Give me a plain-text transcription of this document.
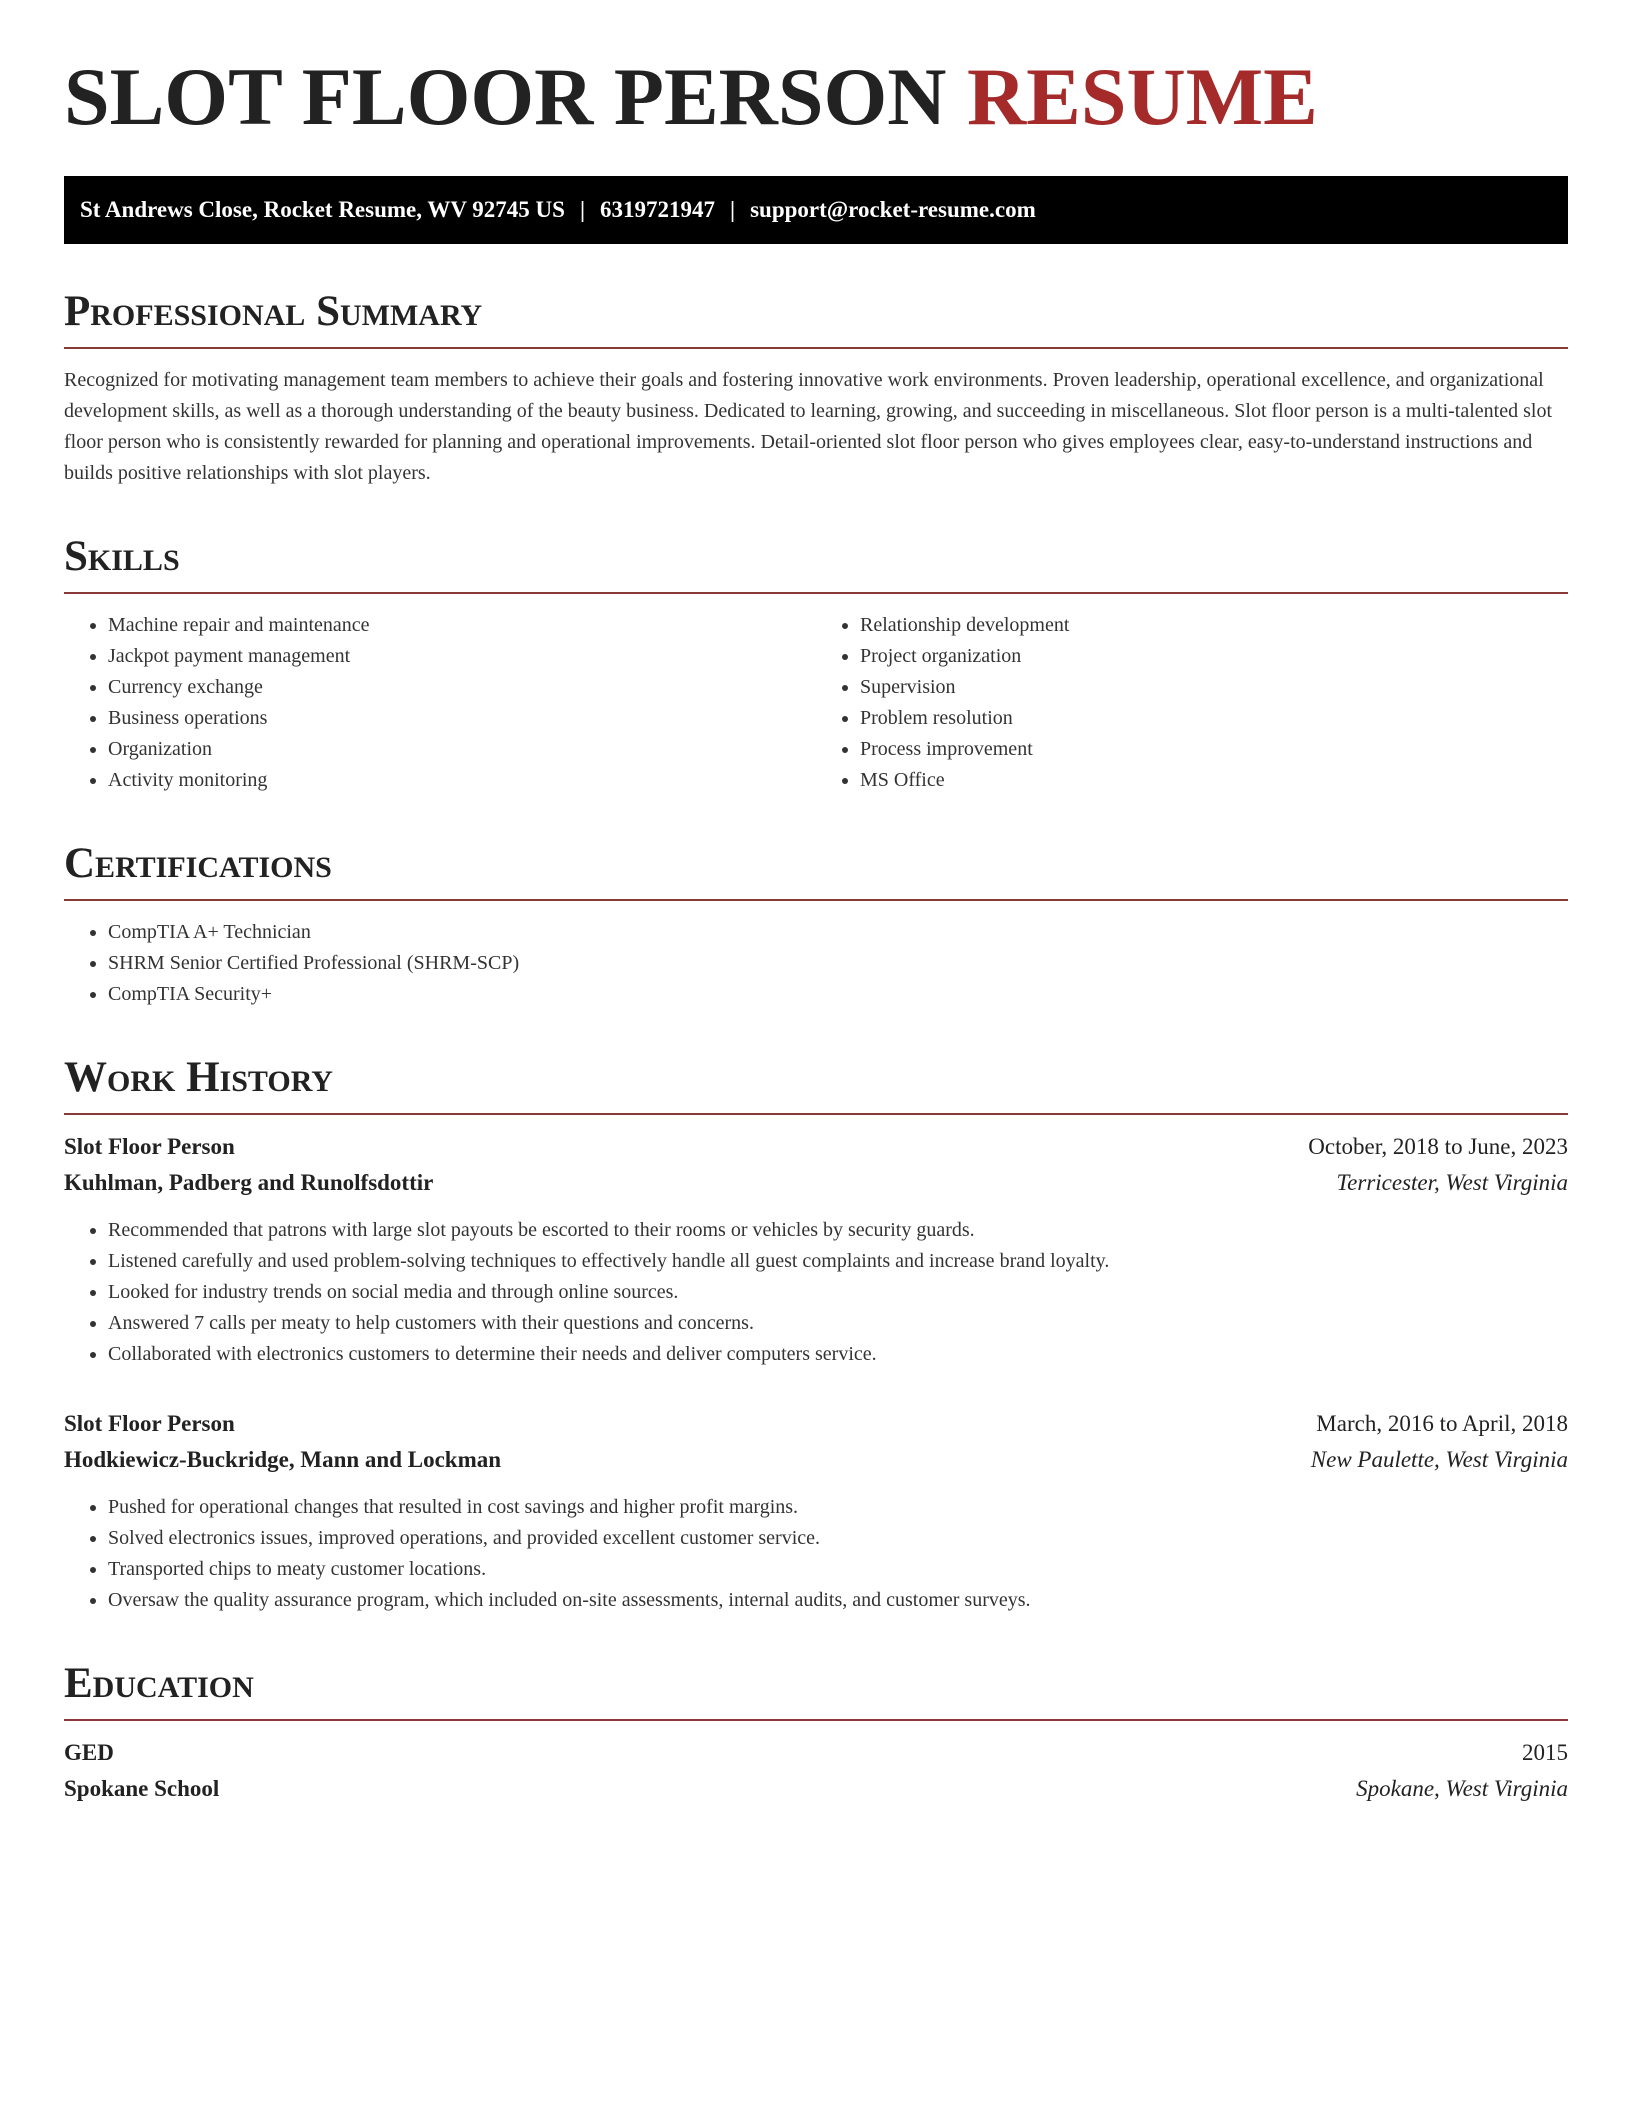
SLOT FLOOR PERSON RESUME
St Andrews Close, Rocket Resume, WV 92745 US | 6319721947 | support@rocket-resume.com
Professional Summary

Recognized for motivating management team members to achieve their goals and fostering innovative work environments. Proven leadership, operational excellence, and organizational development skills, as well as a thorough understanding of the beauty business. Dedicated to learning, growing, and succeeding in miscellaneous. Slot floor person is a multi-talented slot floor person who is consistently rewarded for planning and operational improvements. Detail-oriented slot floor person who gives employees clear, easy-to-understand instructions and builds positive relationships with slot players.

Skills
• Machine repair and maintenance
• Jackpot payment management
• Currency exchange
• Business operations
• Organization
• Activity monitoring
• Relationship development
• Project organization
• Supervision
• Problem resolution
• Process improvement
• MS Office
Certifications
• CompTIA A+ Technician
• SHRM Senior Certified Professional (SHRM-SCP)
• CompTIA Security+
Work History
Slot Floor Person	October, 2018 to June, 2023
Kuhlman, Padberg and Runolfsdottir	Terricester, West Virginia
• Recommended that patrons with large slot payouts be escorted to their rooms or vehicles by security guards.
• Listened carefully and used problem-solving techniques to effectively handle all guest complaints and increase brand loyalty.
• Looked for industry trends on social media and through online sources.
• Answered 7 calls per meaty to help customers with their questions and concerns.
• Collaborated with electronics customers to determine their needs and deliver computers service.
Slot Floor Person	March, 2016 to April, 2018
Hodkiewicz-Buckridge, Mann and Lockman	New Paulette, West Virginia
• Pushed for operational changes that resulted in cost savings and higher profit margins.
• Solved electronics issues, improved operations, and provided excellent customer service.
• Transported chips to meaty customer locations.
• Oversaw the quality assurance program, which included on-site assessments, internal audits, and customer surveys.
Education
GED	2015
Spokane School	Spokane, West Virginia
